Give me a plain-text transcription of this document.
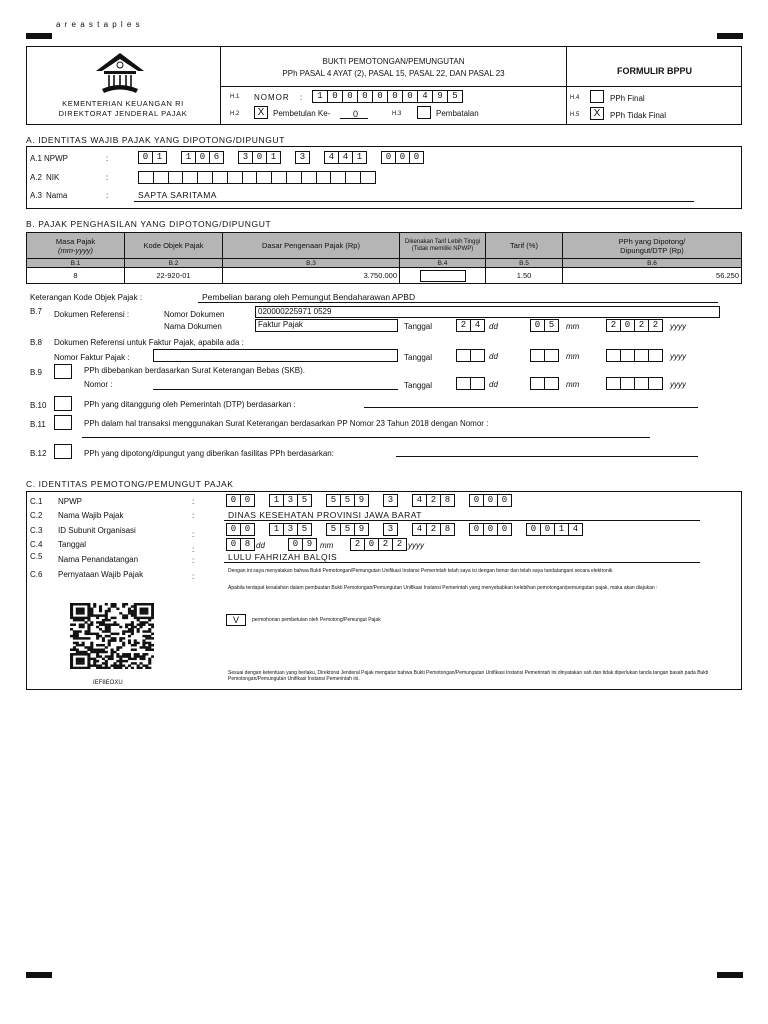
a r e a s t a p l e s
KEMENTERIAN KEUANGAN RI
DIREKTORAT JENDERAL PAJAK
BUKTI PEMOTONGAN/PEMUNGUTAN
PPh PASAL 4 AYAT (2), PASAL 15, PASAL 22, DAN PASAL 23	FORMULIR BPPU
H.1 NOMOR :	1	0	0	0	0	0	0	4	9	5
H.2	X	Pembetulan Ke-	0	H.3	Pembatalan
H.4	PPh Final
H.5	X	PPh Tidak Final
A. IDENTITAS WAJIB PAJAK YANG DIPOTONG/DIPUNGUT
A.1 NPWP	:	0 1	1 0 6	3 0 1	3	4 4 1	0 0 0
A.2 NIK	:
A.3 Nama	:	SAPTA SARITAMA
B. PAJAK PENGHASILAN YANG DIPOTONG/DIPUNGUT
Masa Pajak
(mm-yyyy)	Kode Objek Pajak	Dasar Pengenaan Pajak (Rp)	Dikenakan Tarif Lebih Tinggi (Tidak memiliki NPWP)	Tarif (%)	PPh yang Dipotong/ Dipungut/DTP (Rp)
B.1	B.2	B.3	B.4	B.5	B.6
8	22-920-01	3.750.000		1.50	56.250
Keterangan Kode Objek Pajak :	Pembelian barang oleh Pemungut Bendaharawan APBD
B.7 Dokumen Referensi :	Nomor Dokumen	020000225971 0529
Nama Dokumen	Faktur Pajak	Tanggal	2 4	dd	0 5	mm	2 0 2 2	yyyy
B.8 Dokumen Referensi untuk Faktur Pajak, apabila ada :
Nomor Faktur Pajak :	Tanggal	dd	mm	yyyy
B.9	PPh dibebankan berdasarkan Surat Keterangan Bebas (SKB).
Nomor :	Tanggal	dd	mm	yyyy
B.10	PPh yang ditanggung oleh Pemerintah (DTP) berdasarkan :
B.11	PPh dalam hal transaksi menggunakan Surat Keterangan berdasarkan PP Nomor 23 Tahun 2018 dengan Nomor :
B.12	PPh yang dipotong/dipungut yang diberikan fasilitas PPh berdasarkan:
C. IDENTITAS PEMOTONG/PEMUNGUT PAJAK
C.1 NPWP	:	0 0	1 3 5	5 5 9	3	4 2 8	0 0 0
C.2 Nama Wajib Pajak	:	DINAS KESEHATAN PROVINSI JAWA BARAT
C.3 ID Subunit Organisasi	:
0 0	1 3 5	5 5 9	3	4 2 8	0 0 0	0 0 1 4
C.4 Tanggal
:
0 8 dd	0 9 mm	2 0 2 2 yyyy
C.5 Nama Penandatangan	:	LULU FAHRIZAH BALQIS
C.6 Pernyataan Wajib Pajak	:
Dengan ini saya menyatakan bahwa Bukti Pemotongan/Pemungutan Unifikasi Instansi Pemerintah telah saya isi dengan benar dan telah saya tandatangani secara elektronik
Apabila terdapat kesalahan dalam pembuatan Bukti Pemotongan/Pemungutan Unifikasi Instansi Pemerintah yang menyebabkan kelebihan pemotongan/pemungutan pajak, maka akan diajukan :
V	permohonan pembetulan oleh Pemotong/Pemungut Pajak
Sesuai dengan ketentuan yang berlaku, Direktorat Jenderal Pajak mengatur bahwa Bukti Pemotongan/Pemungutan Unifikasi Instansi Pemerintah ini dinyatakan sah dan tidak diperlukan tanda tangan basah pada Bukti Pemotongan/Pemungutan Unifikasi Instansi Pemerintah ini.
IEF8EOXU
